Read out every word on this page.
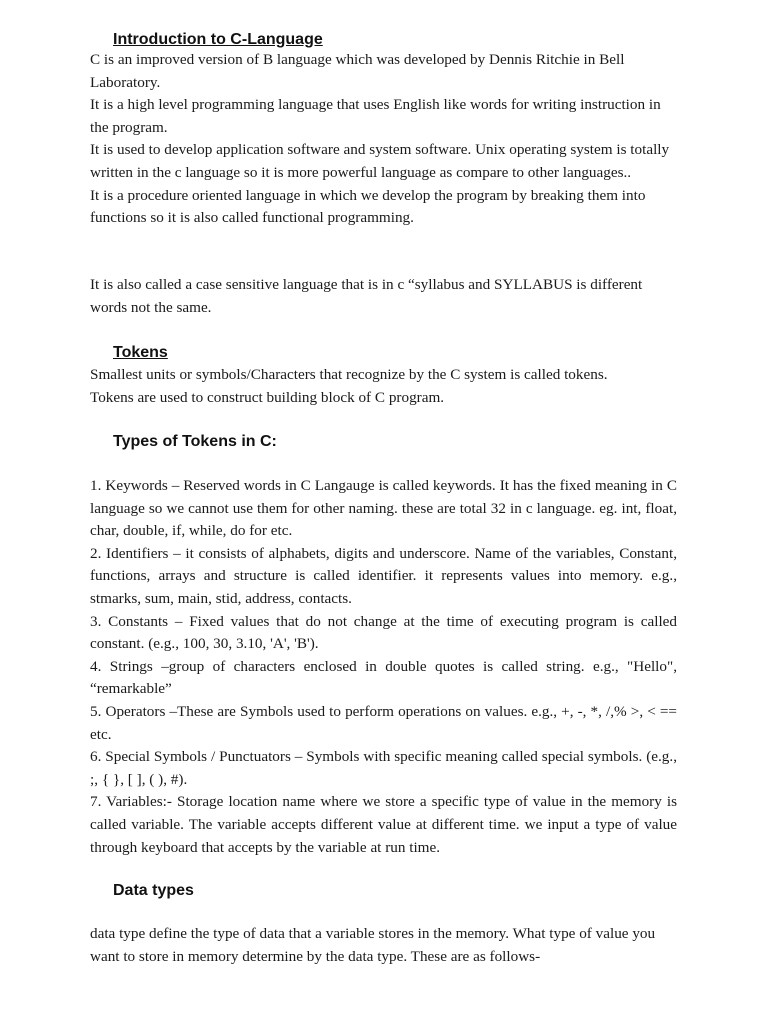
Introduction to C-Language

C is an improved version of B language which was developed by Dennis Ritchie in Bell Laboratory.

It is a high level programming language that uses English like words for writing instruction in the program.

It is used to develop application software and system software. Unix operating system is totally written in the c language so it is more powerful language as compare to other languages..

It is a procedure oriented language in which we develop the program by breaking them into functions so it is also called functional programming.

It is also called a case sensitive language that is in c “syllabus and SYLLABUS is different words not the same.

Tokens

Smallest units or symbols/Characters that recognize by the C system is called tokens.

Tokens are used to construct building block of C program.

Types of Tokens in C:

1. Keywords – Reserved words in C Langauge is called keywords. It has the fixed meaning in C language so we cannot use them for other naming. these are total 32 in c language. eg. int, float, char, double, if, while, do for etc.

2. Identifiers – it consists of alphabets, digits and underscore. Name of the variables, Constant, functions, arrays and structure is called identifier. it represents values into memory. e.g., stmarks, sum, main, stid, address, contacts.

3. Constants – Fixed values that do not change at the time of executing program is called constant. (e.g., 100, 30, 3.10, 'A', 'B').

4. Strings –group of characters enclosed in double quotes is called string. e.g., "Hello", “remarkable”

5. Operators –These are Symbols used to perform operations on values. e.g., +, -, *, /,% >, < == etc.

6. Special Symbols / Punctuators – Symbols with specific meaning called special symbols. (e.g., ;, { }, [ ], ( ), #).

7. Variables:- Storage location name where we store a specific type of value in the memory is called variable. The variable accepts different value at different time. we input a type of value through keyboard that accepts by the variable at run time.

Data types

data type define the type of data that a variable stores in the memory. What type of value you want to store in memory determine by the data type. These are as follows-
